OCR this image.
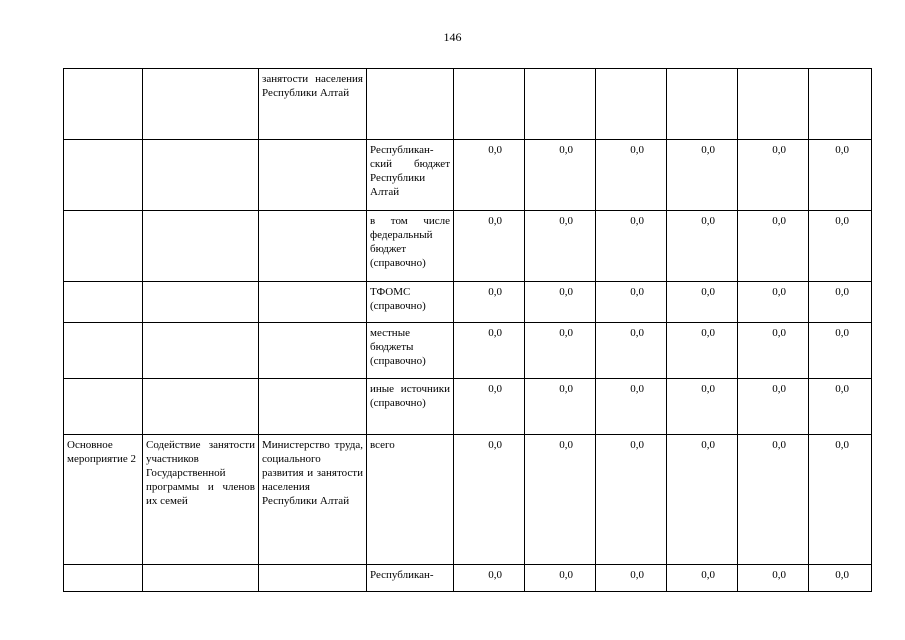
146
		занятости населения Республики Алтай							
			Республикан-ский бюджет Республики Алтай	0,0	0,0	0,0	0,0	0,0	0,0
			в том числе федеральный бюджет (справочно)	0,0	0,0	0,0	0,0	0,0	0,0
			ТФОМС (справочно)	0,0	0,0	0,0	0,0	0,0	0,0
			местные бюджеты (справочно)	0,0	0,0	0,0	0,0	0,0	0,0
			иные источники (справочно)	0,0	0,0	0,0	0,0	0,0	0,0
Основное мероприятие 2	Содействие занятости участников Государственной программы и членов их семей	Министерство труда, социального развития и занятости населения Республики Алтай	всего	0,0	0,0	0,0	0,0	0,0	0,0
			Республикан-	0,0	0,0	0,0	0,0	0,0	0,0
